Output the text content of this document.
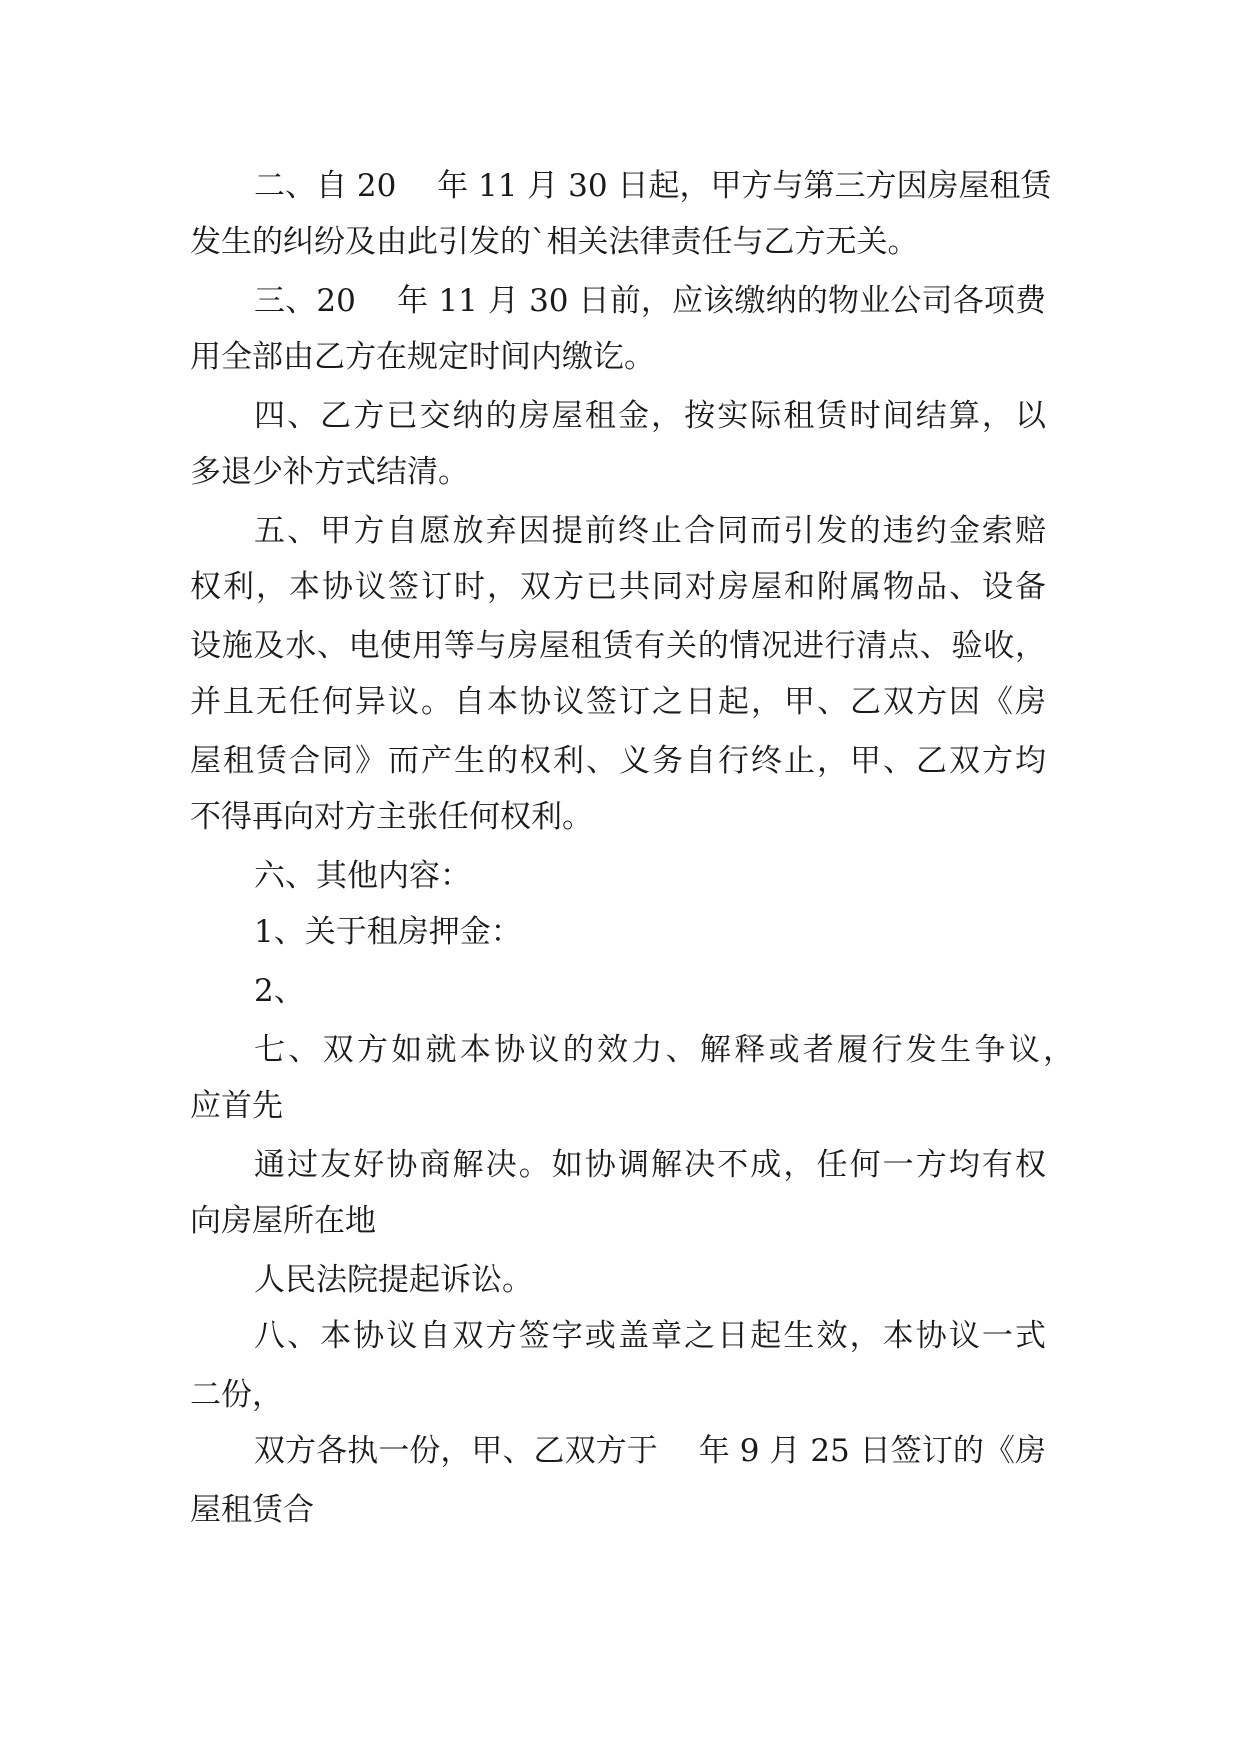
二、自 20　 年 11 月 30 日起，甲方与第三方因房屋租赁
发生的纠纷及由此引发的`相关法律责任与乙方无关。
三、20　 年 11 月 30 日前，应该缴纳的物业公司各项费
用全部由乙方在规定时间内缴讫。
四、乙方已交纳的房屋租金，按实际租赁时间结算，以
多退少补方式结清。
五、甲方自愿放弃因提前终止合同而引发的违约金索赔
权利，本协议签订时，双方已共同对房屋和附属物品、设备
设施及水、电使用等与房屋租赁有关的情况进行清点、验收，
并且无任何异议。自本协议签订之日起，甲、乙双方因《房
屋租赁合同》而产生的权利、义务自行终止，甲、乙双方均
不得再向对方主张任何权利。
六、其他内容：
1、关于租房押金：
2、
七、双方如就本协议的效力、解释或者履行发生争议，
应首先
通过友好协商解决。如协调解决不成，任何一方均有权
向房屋所在地
人民法院提起诉讼。
八、本协议自双方签字或盖章之日起生效，本协议一式
二份，
双方各执一份，甲、乙双方于　 年 9 月 25 日签订的《房
屋租赁合
